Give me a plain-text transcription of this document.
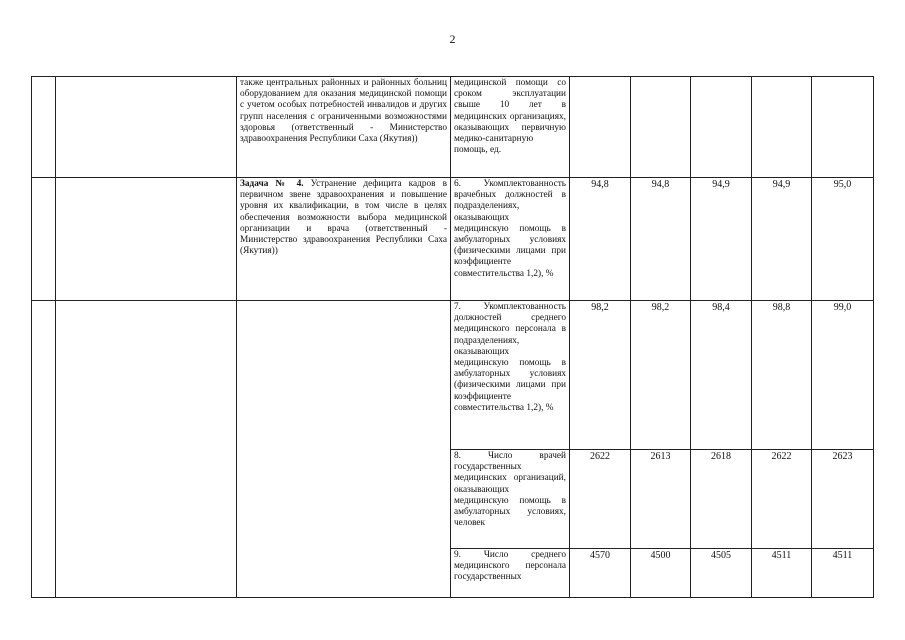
2
		также центральных районных и районных больниц оборудованием для оказания медицинской помощи с учетом особых потребностей инвалидов и других групп населения с ограниченными возможностями здоровья (ответственный - Министерство здравоохранения Республики Саха (Якутия))	медицинской помощи со сроком эксплуатации свыше 10 лет в медицинских организациях, оказывающих первичную медико-санитарную помощь, ед.					
		Задача № 4. Устранение дефицита кадров в первичном звене здравоохранения и повышение уровня их квалификации, в том числе в целях обеспечения возможности выбора медицинской организации и врача (ответственный - Министерство здравоохранения Республики Саха (Якутия))	6. Укомплектованность врачебных должностей в подразделениях, оказывающих медицинскую помощь в амбулаторных условиях (физическими лицами при коэффициенте совместительства 1,2), %	94,8	94,8	94,9	94,9	95,0
			7. Укомплектованность должностей среднего медицинского персонала в подразделениях, оказывающих медицинскую помощь в амбулаторных условиях (физическими лицами при коэффициенте совместительства 1,2), %	98,2	98,2	98,4	98,8	99,0
			8. Число врачей государственных медицинских организаций, оказывающих медицинскую помощь в амбулаторных условиях, человек	2622	2613	2618	2622	2623
			9. Число среднего медицинского персонала государственных	4570	4500	4505	4511	4511
